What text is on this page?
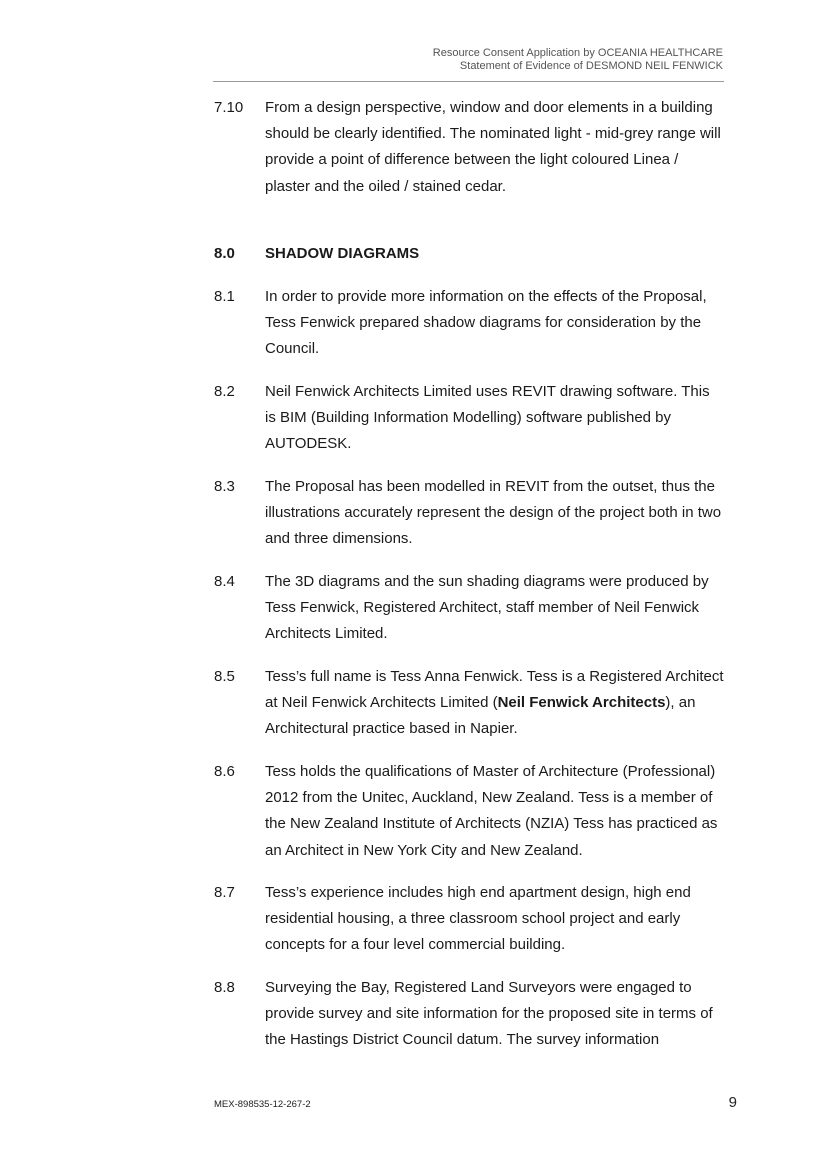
Resource Consent Application by OCEANIA HEALTHCARE
Statement of Evidence of DESMOND NEIL FENWICK
7.10 From a design perspective, window and door elements in a building should be clearly identified. The nominated light - mid-grey range will provide a point of difference between the light coloured Linea / plaster and the oiled / stained cedar.
8.0 SHADOW DIAGRAMS
8.1 In order to provide more information on the effects of the Proposal, Tess Fenwick prepared shadow diagrams for consideration by the Council.
8.2 Neil Fenwick Architects Limited uses REVIT drawing software. This is BIM (Building Information Modelling) software published by AUTODESK.
8.3 The Proposal has been modelled in REVIT from the outset, thus the illustrations accurately represent the design of the project both in two and three dimensions.
8.4 The 3D diagrams and the sun shading diagrams were produced by Tess Fenwick, Registered Architect, staff member of Neil Fenwick Architects Limited.
8.5 Tess’s full name is Tess Anna Fenwick. Tess is a Registered Architect at Neil Fenwick Architects Limited (Neil Fenwick Architects), an Architectural practice based in Napier.
8.6 Tess holds the qualifications of Master of Architecture (Professional) 2012 from the Unitec, Auckland, New Zealand. Tess is a member of the New Zealand Institute of Architects (NZIA) Tess has practiced as an Architect in New York City and New Zealand.
8.7 Tess’s experience includes high end apartment design, high end residential housing, a three classroom school project and early concepts for a four level commercial building.
8.8 Surveying the Bay, Registered Land Surveyors were engaged to provide survey and site information for the proposed site in terms of the Hastings District Council datum. The survey information
MEX-898535-12-267-2	9
